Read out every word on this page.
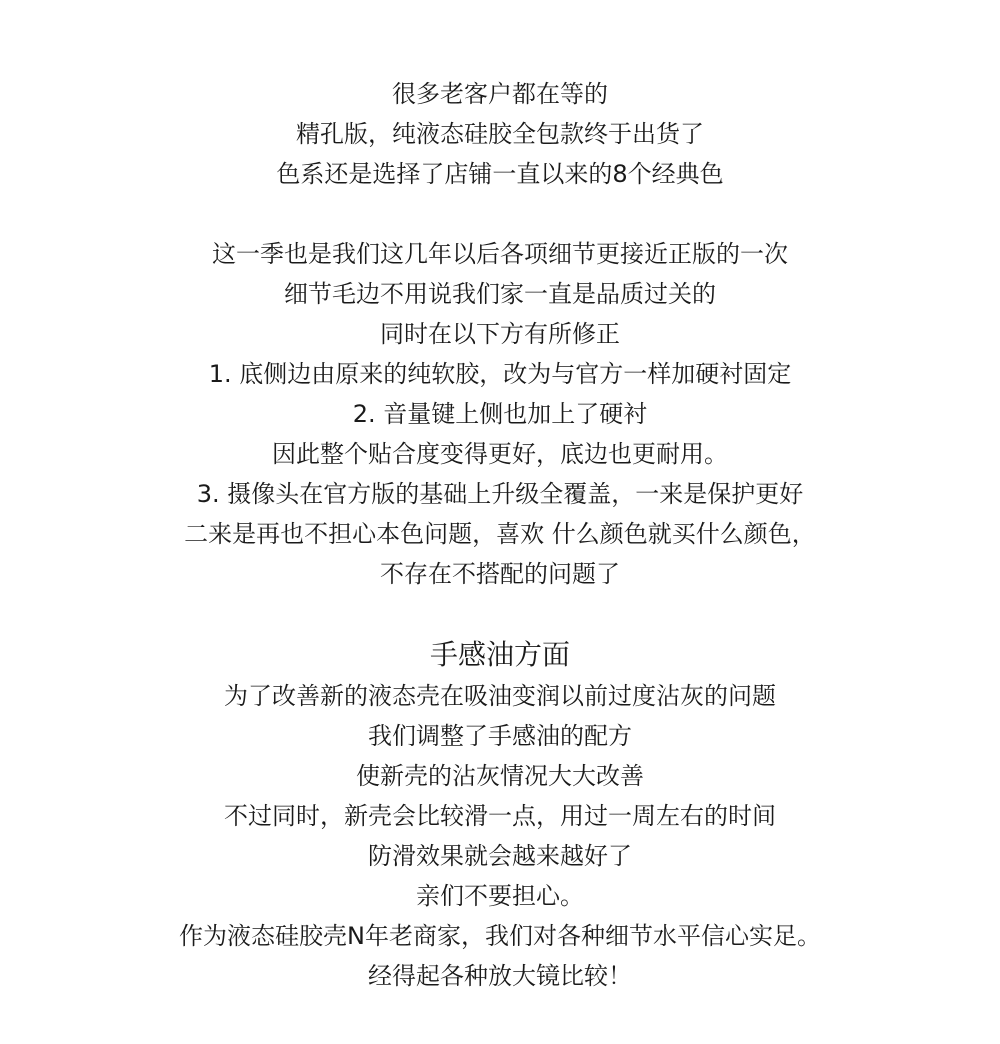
很多老客户都在等的
精孔版，纯液态硅胶全包款终于出货了
色系还是选择了店铺一直以来的8个经典色
这一季也是我们这几年以后各项细节更接近正版的一次
细节毛边不用说我们家一直是品质过关的
同时在以下方有所修正
1. 底侧边由原来的纯软胶，改为与官方一样加硬衬固定
2. 音量键上侧也加上了硬衬
因此整个贴合度变得更好，底边也更耐用。
3. 摄像头在官方版的基础上升级全覆盖，一来是保护更好
二来是再也不担心本色问题，喜欢 什么颜色就买什么颜色，
不存在不搭配的问题了
手感油方面
为了改善新的液态壳在吸油变润以前过度沾灰的问题
我们调整了手感油的配方
使新壳的沾灰情况大大改善
不过同时，新壳会比较滑一点，用过一周左右的时间
防滑效果就会越来越好了
亲们不要担心。
作为液态硅胶壳N年老商家，我们对各种细节水平信心实足。
经得起各种放大镜比较！
